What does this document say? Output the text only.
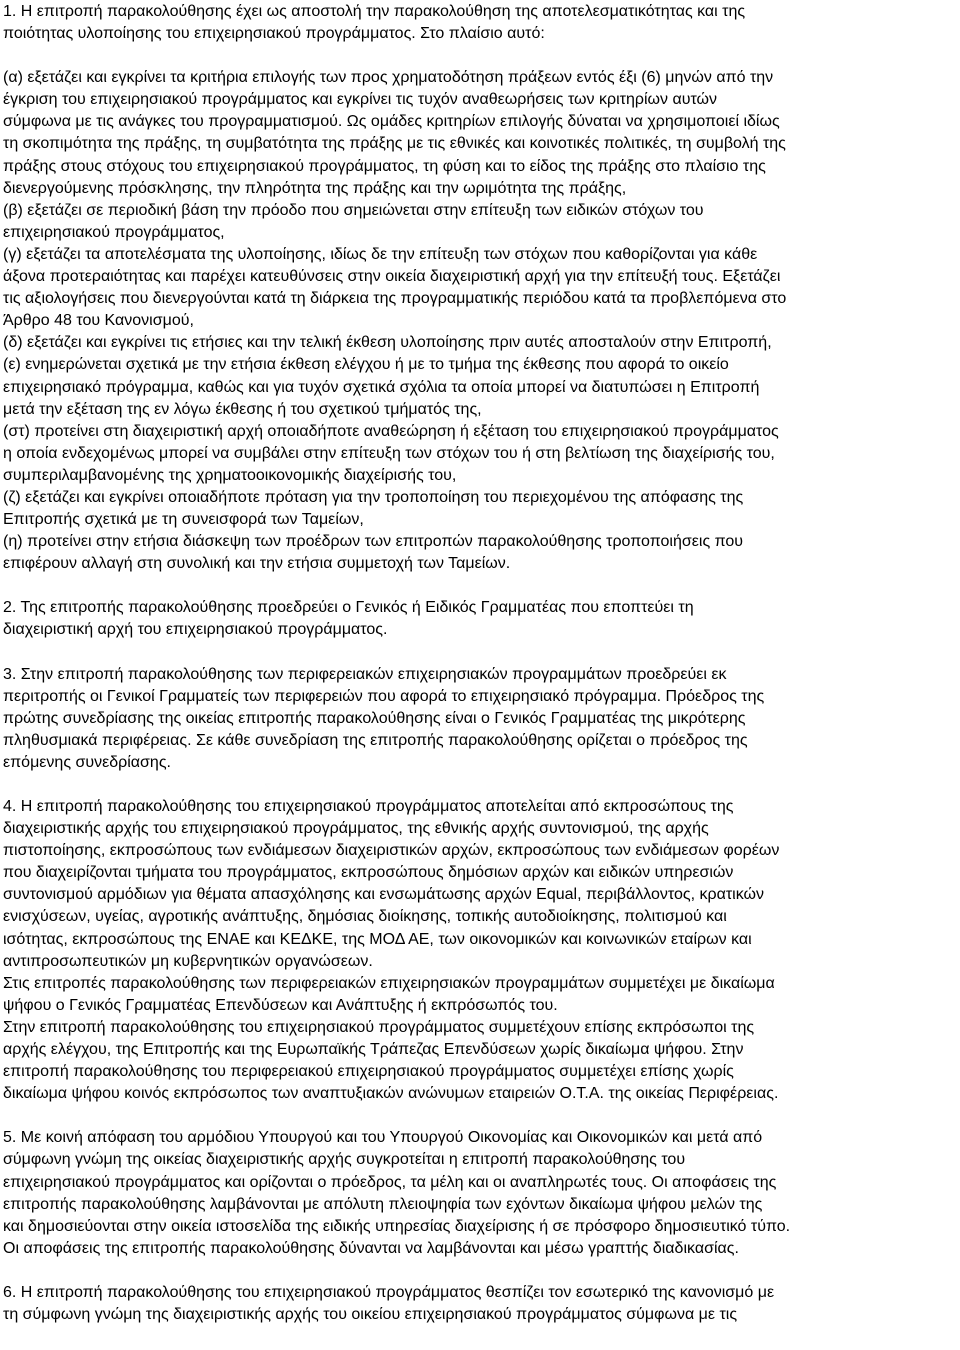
1. Η επιτροπή παρακολούθησης έχει ως αποστολή την παρακολούθηση της αποτελεσματικότητας και της
ποιότητας υλοποίησης του επιχειρησιακού προγράμματος. Στο πλαίσιο αυτό:
(α) εξετάζει και εγκρίνει τα κριτήρια επιλογής των προς χρηματοδότηση πράξεων εντός έξι (6) μηνών από την
έγκριση του επιχειρησιακού προγράμματος και εγκρίνει τις τυχόν αναθεωρήσεις των κριτηρίων αυτών
σύμφωνα με τις ανάγκες του προγραμματισμού. Ως ομάδες κριτηρίων επιλογής δύναται να χρησιμοποιεί ιδίως
τη σκοπιμότητα της πράξης, τη συμβατότητα της πράξης με τις εθνικές και κοινοτικές πολιτικές, τη συμβολή της
πράξης στους στόχους του επιχειρησιακού προγράμματος, τη φύση και το είδος της πράξης στο πλαίσιο της
διενεργούμενης πρόσκλησης, την πληρότητα της πράξης και την ωριμότητα της πράξης,
(β) εξετάζει σε περιοδική βάση την πρόοδο που σημειώνεται στην επίτευξη των ειδικών στόχων του
επιχειρησιακού προγράμματος,
(γ) εξετάζει τα αποτελέσματα της υλοποίησης, ιδίως δε την επίτευξη των στόχων που καθορίζονται για κάθε
άξονα προτεραιότητας και παρέχει κατευθύνσεις στην οικεία διαχειριστική αρχή για την επίτευξή τους. Εξετάζει
τις αξιολογήσεις που διενεργούνται κατά τη διάρκεια της προγραμματικής περιόδου κατά τα προβλεπόμενα στο
Άρθρο 48 του Κανονισμού,
(δ) εξετάζει και εγκρίνει τις ετήσιες και την τελική έκθεση υλοποίησης πριν αυτές αποσταλούν στην Επιτροπή,
(ε) ενημερώνεται σχετικά με την ετήσια έκθεση ελέγχου ή με το τμήμα της έκθεσης που αφορά το οικείο
επιχειρησιακό πρόγραμμα, καθώς και για τυχόν σχετικά σχόλια τα οποία μπορεί να διατυπώσει η Επιτροπή
μετά την εξέταση της εν λόγω έκθεσης ή του σχετικού τμήματός της,
(στ) προτείνει στη διαχειριστική αρχή οποιαδήποτε αναθεώρηση ή εξέταση του επιχειρησιακού προγράμματος
η οποία ενδεχομένως μπορεί να συμβάλει στην επίτευξη των στόχων του ή στη βελτίωση της διαχείρισής του,
συμπεριλαμβανομένης της χρηματοοικονομικής διαχείρισής του,
(ζ) εξετάζει και εγκρίνει οποιαδήποτε πρόταση για την τροποποίηση του περιεχομένου της απόφασης της
Επιτροπής σχετικά με τη συνεισφορά των Ταμείων,
(η) προτείνει στην ετήσια διάσκεψη των προέδρων των επιτροπών παρακολούθησης τροποποιήσεις που
επιφέρουν αλλαγή στη συνολική και την ετήσια συμμετοχή των Ταμείων.
2. Της επιτροπής παρακολούθησης προεδρεύει ο Γενικός ή Ειδικός Γραμματέας που εποπτεύει τη
διαχειριστική αρχή του επιχειρησιακού προγράμματος.
3. Στην επιτροπή παρακολούθησης των περιφερειακών επιχειρησιακών προγραμμάτων προεδρεύει εκ
περιτροπής οι Γενικοί Γραμματείς των περιφερειών που αφορά το επιχειρησιακό πρόγραμμα. Πρόεδρος της
πρώτης συνεδρίασης της οικείας επιτροπής παρακολούθησης είναι ο Γενικός Γραμματέας της μικρότερης
πληθυσμιακά περιφέρειας. Σε κάθε συνεδρίαση της επιτροπής παρακολούθησης ορίζεται ο πρόεδρος της
επόμενης συνεδρίασης.
4. Η επιτροπή παρακολούθησης του επιχειρησιακού προγράμματος αποτελείται από εκπροσώπους της
διαχειριστικής αρχής του επιχειρησιακού προγράμματος, της εθνικής αρχής συντονισμού, της αρχής
πιστοποίησης, εκπροσώπους των ενδιάμεσων διαχειριστικών αρχών, εκπροσώπους των ενδιάμεσων φορέων
που διαχειρίζονται τμήματα του προγράμματος, εκπροσώπους δημόσιων αρχών και ειδικών υπηρεσιών
συντονισμού αρμόδιων για θέματα απασχόλησης και ενσωμάτωσης αρχών Equal, περιβάλλοντος, κρατικών
ενισχύσεων, υγείας, αγροτικής ανάπτυξης, δημόσιας διοίκησης, τοπικής αυτοδιοίκησης, πολιτισμού και
ισότητας, εκπροσώπους της ΕΝΑΕ και ΚΕΔΚΕ, της ΜΟΔ ΑΕ, των οικονομικών και κοινωνικών εταίρων και
αντιπροσωπευτικών μη κυβερνητικών οργανώσεων.
Στις επιτροπές παρακολούθησης των περιφερειακών επιχειρησιακών προγραμμάτων συμμετέχει με δικαίωμα
ψήφου ο Γενικός Γραμματέας Επενδύσεων και Ανάπτυξης ή εκπρόσωπός του.
Στην επιτροπή παρακολούθησης του επιχειρησιακού προγράμματος συμμετέχουν επίσης εκπρόσωποι της
αρχής ελέγχου, της Επιτροπής και της Ευρωπαϊκής Τράπεζας Επενδύσεων χωρίς δικαίωμα ψήφου. Στην
επιτροπή παρακολούθησης του περιφερειακού επιχειρησιακού προγράμματος συμμετέχει επίσης χωρίς
δικαίωμα ψήφου κοινός εκπρόσωπος των αναπτυξιακών ανώνυμων εταιρειών Ο.Τ.Α. της οικείας Περιφέρειας.
5. Με κοινή απόφαση του αρμόδιου Υπουργού και του Υπουργού Οικονομίας και Οικονομικών και μετά από
σύμφωνη γνώμη της οικείας διαχειριστικής αρχής συγκροτείται η επιτροπή παρακολούθησης του
επιχειρησιακού προγράμματος και ορίζονται ο πρόεδρος, τα μέλη και οι αναπληρωτές τους. Οι αποφάσεις της
επιτροπής παρακολούθησης λαμβάνονται με απόλυτη πλειοψηφία των εχόντων δικαίωμα ψήφου μελών της
και δημοσιεύονται στην οικεία ιστοσελίδα της ειδικής υπηρεσίας διαχείρισης ή σε πρόσφορο δημοσιευτικό τύπο.
Οι αποφάσεις της επιτροπής παρακολούθησης δύνανται να λαμβάνονται και μέσω γραπτής διαδικασίας.
6. Η επιτροπή παρακολούθησης του επιχειρησιακού προγράμματος θεσπίζει τον εσωτερικό της κανονισμό με
τη σύμφωνη γνώμη της διαχειριστικής αρχής του οικείου επιχειρησιακού προγράμματος σύμφωνα με τις
